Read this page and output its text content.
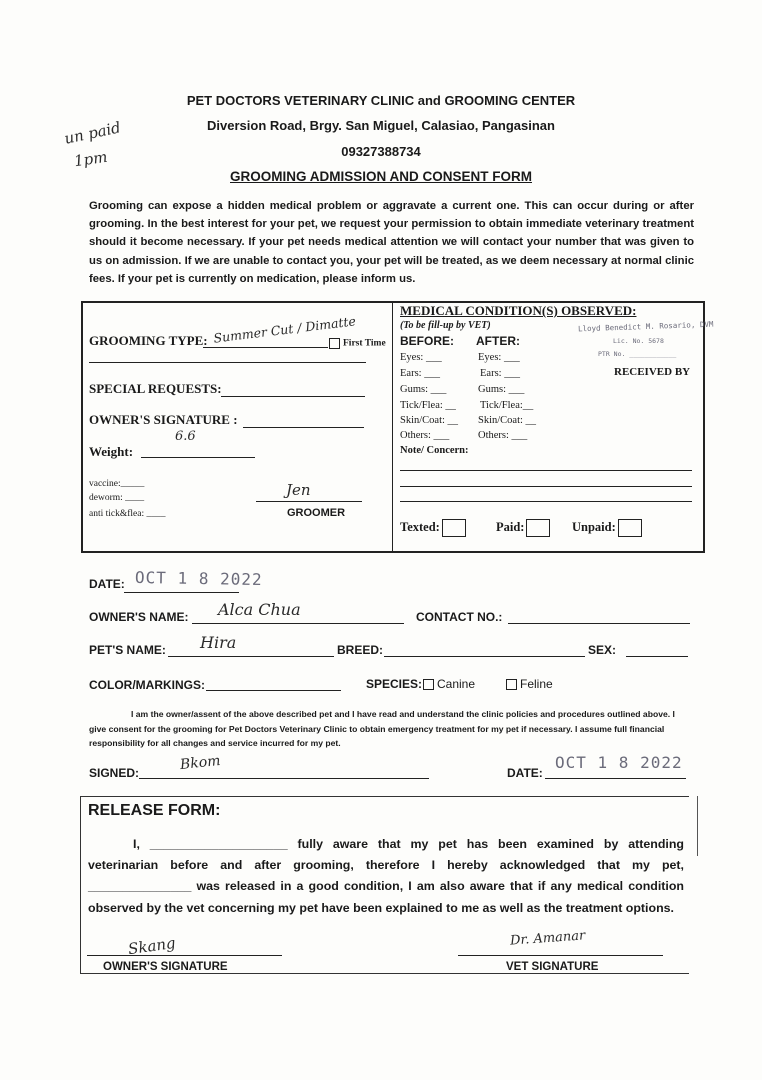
un paid
1pm
PET DOCTORS VETERINARY CLINIC and GROOMING CENTER
Diversion Road, Brgy. San Miguel, Calasiao, Pangasinan
09327388734
GROOMING ADMISSION AND CONSENT FORM
Grooming can expose a hidden medical problem or aggravate a current one. This can occur during or after grooming. In the best interest for your pet, we request your permission to obtain immediate veterinary treatment should it become necessary. If your pet needs medical attention we will contact your number that was given to us on admission. If we are unable to contact you, your pet will be treated, as we deem necessary at normal clinic fees. If your pet is currently on medication, please inform us.
GROOMING TYPE: Summer Cut / Dimatte
First Time
SPECIAL REQUESTS:
OWNER'S SIGNATURE :
Weight:
6.6
vaccine:_____
deworm: ____
anti tick&flea: ____
Jen
GROOMER
MEDICAL CONDITION(S) OBSERVED:
(To be fill-up by VET)
BEFORE: AFTER:
Lloyd Benedict M. Rosario, DVM
Lic. No. 5678
PTR No. ____________
RECEIVED BY
Eyes: ___	Eyes: ___
Ears: ___	Ears: ___
Gums: ___	Gums: ___
Tick/Flea: __ Tick/Flea:__
Skin/Coat: __ Skin/Coat: __
Others: ___	Others: ___
Note/ Concern:
Texted:	Paid:	Unpaid:
DATE: OCT 1 8 2022
OWNER'S NAME: Alca Chua	CONTACT NO.:
PET'S NAME: Hira	BREED:	SEX:
COLOR/MARKINGS:	SPECIES:	Canine	Feline
I am the owner/assent of the above described pet and I have read and understand the clinic policies and procedures outlined above. I give consent for the grooming for Pet Doctors Veterinary Clinic to obtain emergency treatment for my pet if necessary. I assume full financial responsibility for all changes and service incurred for my pet.
SIGNED:	Bkom	DATE:
OCT 1 8 2022
RELEASE FORM:
I, ____________________ fully aware that my pet has been examined by attending veterinarian before and after grooming, therefore I hereby acknowledged that my pet, _______________ was released in a good condition, I am also aware that if any medical condition observed by the vet concerning my pet have been explained to me as well as the treatment options.
Skang
OWNER'S SIGNATURE
Dr. Amanar
VET SIGNATURE
